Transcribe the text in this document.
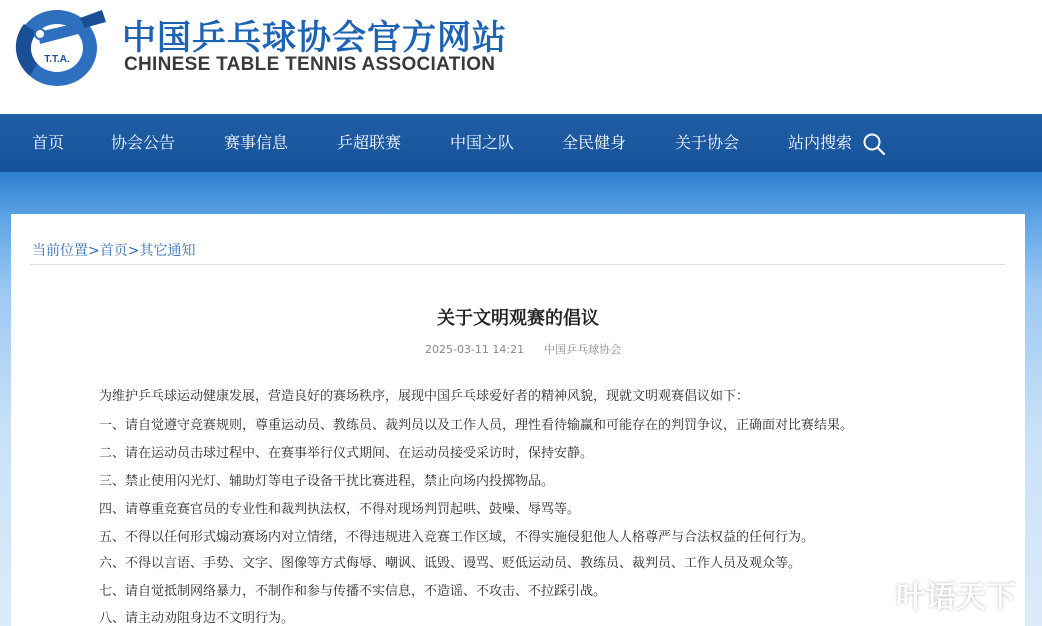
T.T.A.
中国乒乓球协会官方网站
CHINESE TABLE TENNIS ASSOCIATION
首页	协会公告	赛事信息	乒超联赛	中国之队	全民健身	关于协会	站内搜索
当前位置>首页>其它通知
关于文明观赛的倡议
2025-03-11 14:21 中国乒乓球协会
为维护乒乓球运动健康发展，营造良好的赛场秩序，展现中国乒乓球爱好者的精神风貌，现就文明观赛倡议如下：
一、请自觉遵守竞赛规则，尊重运动员、教练员、裁判员以及工作人员，理性看待输赢和可能存在的判罚争议，正确面对比赛结果。
二、请在运动员击球过程中、在赛事举行仪式期间、在运动员接受采访时，保持安静。
三、禁止使用闪光灯、辅助灯等电子设备干扰比赛进程，禁止向场内投掷物品。
四、请尊重竞赛官员的专业性和裁判执法权，不得对现场判罚起哄、鼓噪、辱骂等。
五、不得以任何形式煽动赛场内对立情绪，不得违规进入竞赛工作区域，不得实施侵犯他人人格尊严与合法权益的任何行为。
六、不得以言语、手势、文字、图像等方式侮辱、嘲讽、诋毁、谩骂、贬低运动员、教练员、裁判员、工作人员及观众等。
七、请自觉抵制网络暴力，不制作和参与传播不实信息，不造谣、不攻击、不拉踩引战。
八、请主动劝阻身边不文明行为。
叶语天下
